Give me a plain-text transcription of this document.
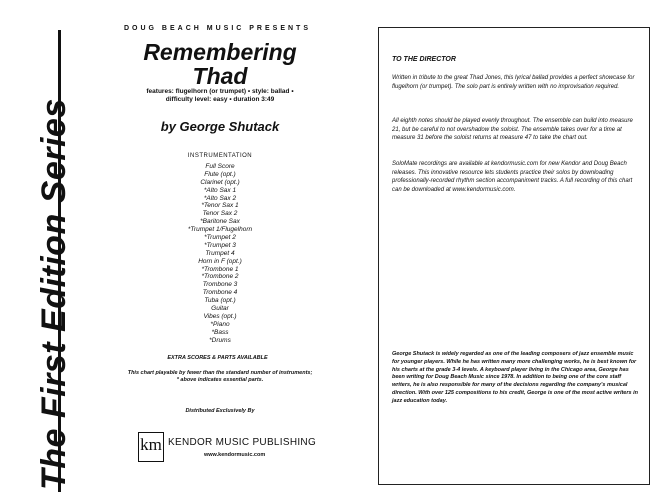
The First Edition Series
DOUG BEACH MUSIC PRESENTS
Remembering
Thad
features: flugelhorn (or trumpet) • style: ballad •
difficulty level: easy • duration 3:49
by George Shutack
INSTRUMENTATION
Full Score
Flute (opt.)
Clarinet (opt.)
*Alto Sax 1
*Alto Sax 2
*Tenor Sax 1
Tenor Sax 2
*Baritone Sax
*Trumpet 1/Flugelhorn
*Trumpet 2
*Trumpet 3
Trumpet 4
Horn in F (opt.)
*Trombone 1
*Trombone 2
Trombone 3
Trombone 4
Tuba (opt.)
Guitar
Vibes (opt.)
*Piano
*Bass
*Drums
EXTRA SCORES & PARTS AVAILABLE
This chart playable by fewer than the standard number of instruments;
* above indicates essential parts.
Distributed Exclusively By
km KENDOR MUSIC PUBLISHING
www.kendormusic.com
TO THE DIRECTOR

Written in tribute to the great Thad Jones, this lyrical ballad provides a perfect showcase for flugelhorn (or trumpet). The solo part is entirely written with no improvisation required.

All eighth notes should be played evenly throughout. The ensemble can build into measure 21, but be careful to not overshadow the soloist. The ensemble takes over for a time at measure 31 before the soloist returns at measure 47 to take the chart out.

SoloMate recordings are available at kendormusic.com for new Kendor and Doug Beach releases. This innovative resource lets students practice their solos by downloading professionally-recorded rhythm section accompaniment tracks. A full recording of this chart can be downloaded at www.kendormusic.com.

George Shutack is widely regarded as one of the leading composers of jazz ensemble music for younger players. While he has written many more challenging works, he is best known for his charts at the grade 3-4 levels. A keyboard player living in the Chicago area, George has been writing for Doug Beach Music since 1978. In addition to being one of the core staff writers, he is also responsible for many of the decisions regarding the company's musical direction. With over 125 compositions to his credit, George is one of the most active writers in jazz education today.
